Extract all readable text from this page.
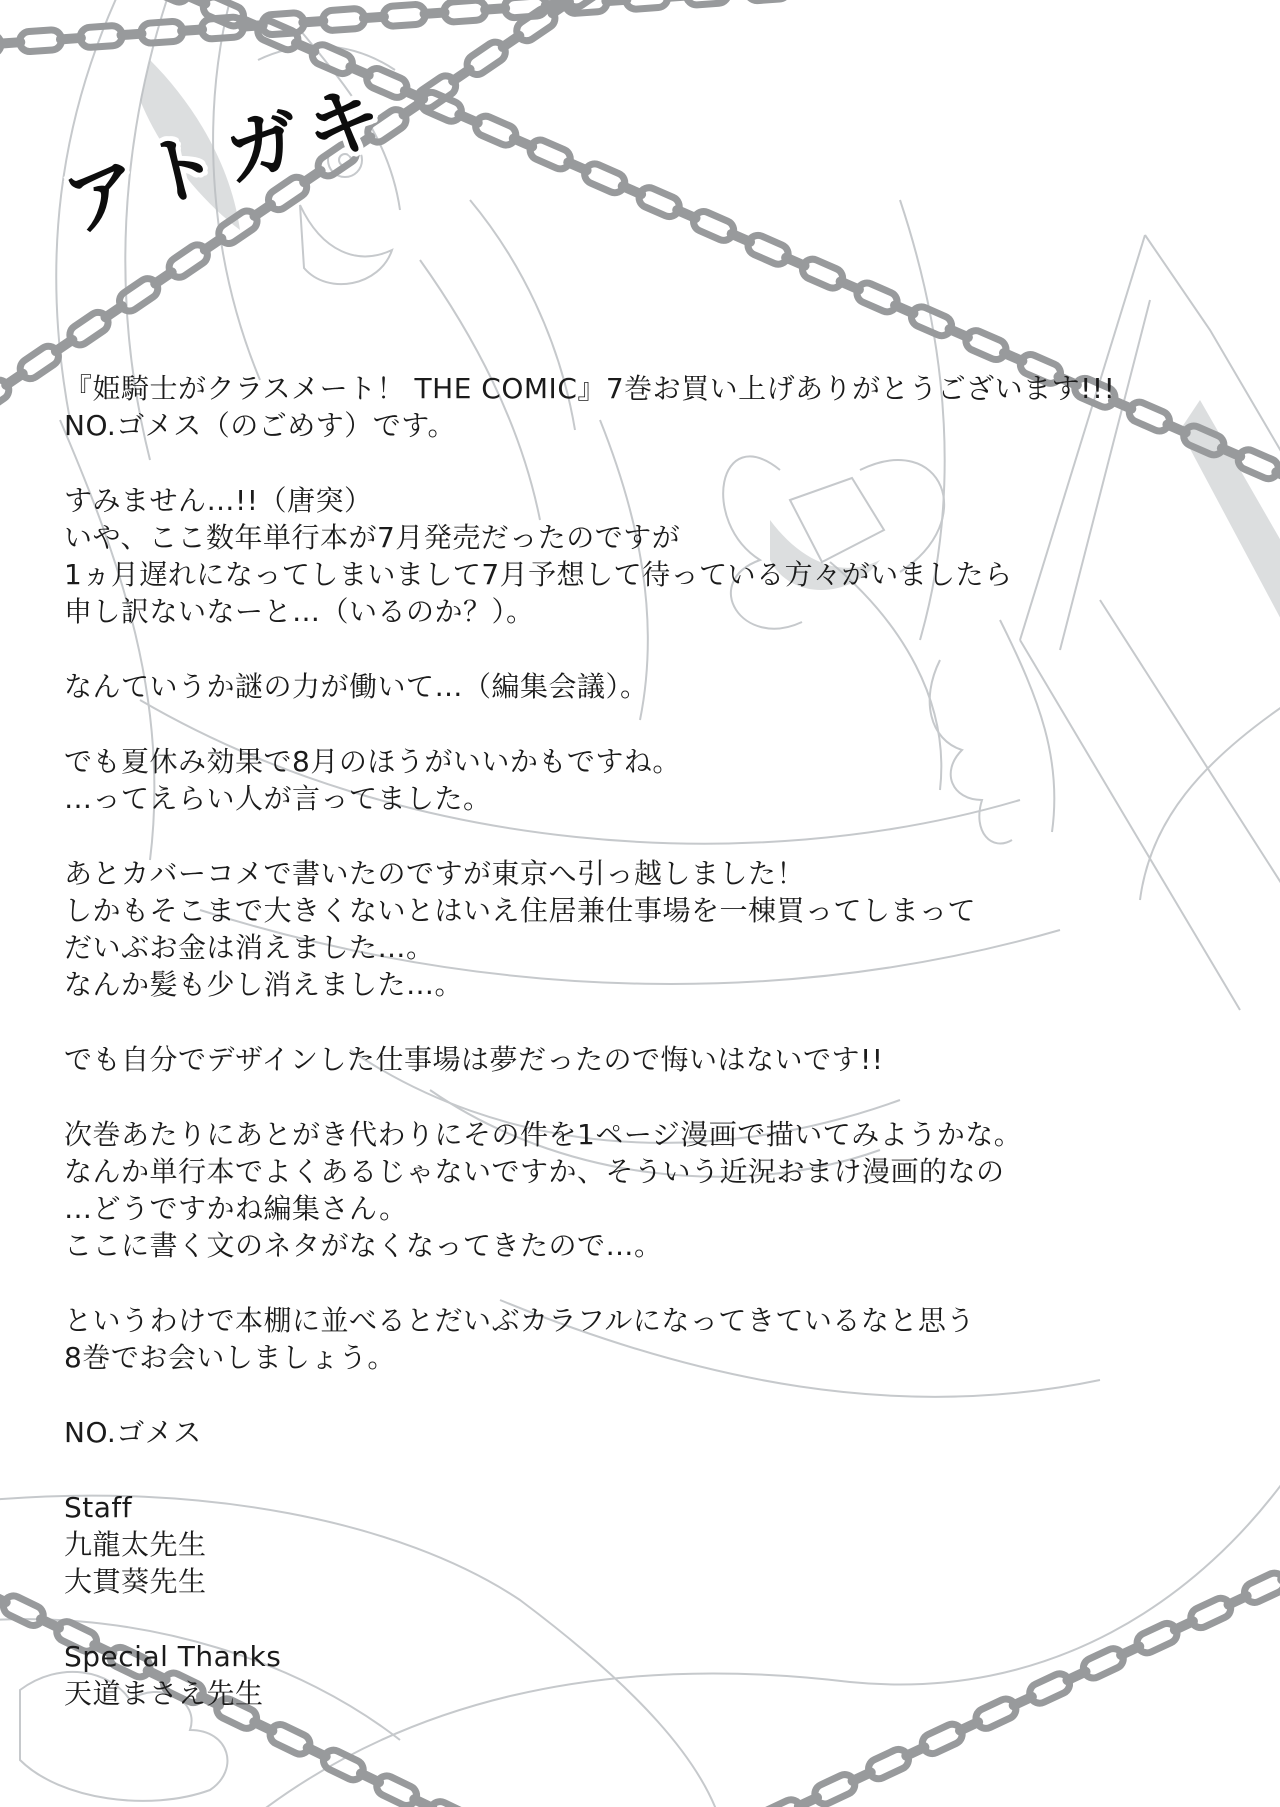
ア ト ガ キ

『姫騎士がクラスメート！ THE COMIC』7巻お買い上げありがとうございます!!!
NO.ゴメス（のごめす）です。

すみません…!!（唐突）
いや、ここ数年単行本が7月発売だったのですが
1ヵ月遅れになってしまいまして7月予想して待っている方々がいましたら
申し訳ないなーと…（いるのか？）。

なんていうか謎の力が働いて…（編集会議）。

でも夏休み効果で8月のほうがいいかもですね。
…ってえらい人が言ってました。

あとカバーコメで書いたのですが東京へ引っ越しました！
しかもそこまで大きくないとはいえ住居兼仕事場を一棟買ってしまって
だいぶお金は消えました…。
なんか髪も少し消えました…。

でも自分でデザインした仕事場は夢だったので悔いはないです!!

次巻あたりにあとがき代わりにその件を1ページ漫画で描いてみようかな。
なんか単行本でよくあるじゃないですか、そういう近況おまけ漫画的なの
…どうですかね編集さん。
ここに書く文のネタがなくなってきたので…。

というわけで本棚に並べるとだいぶカラフルになってきているなと思う
8巻でお会いしましょう。

NO.ゴメス

Staff
九龍太先生
大貫葵先生

Special Thanks
天道まさえ先生
